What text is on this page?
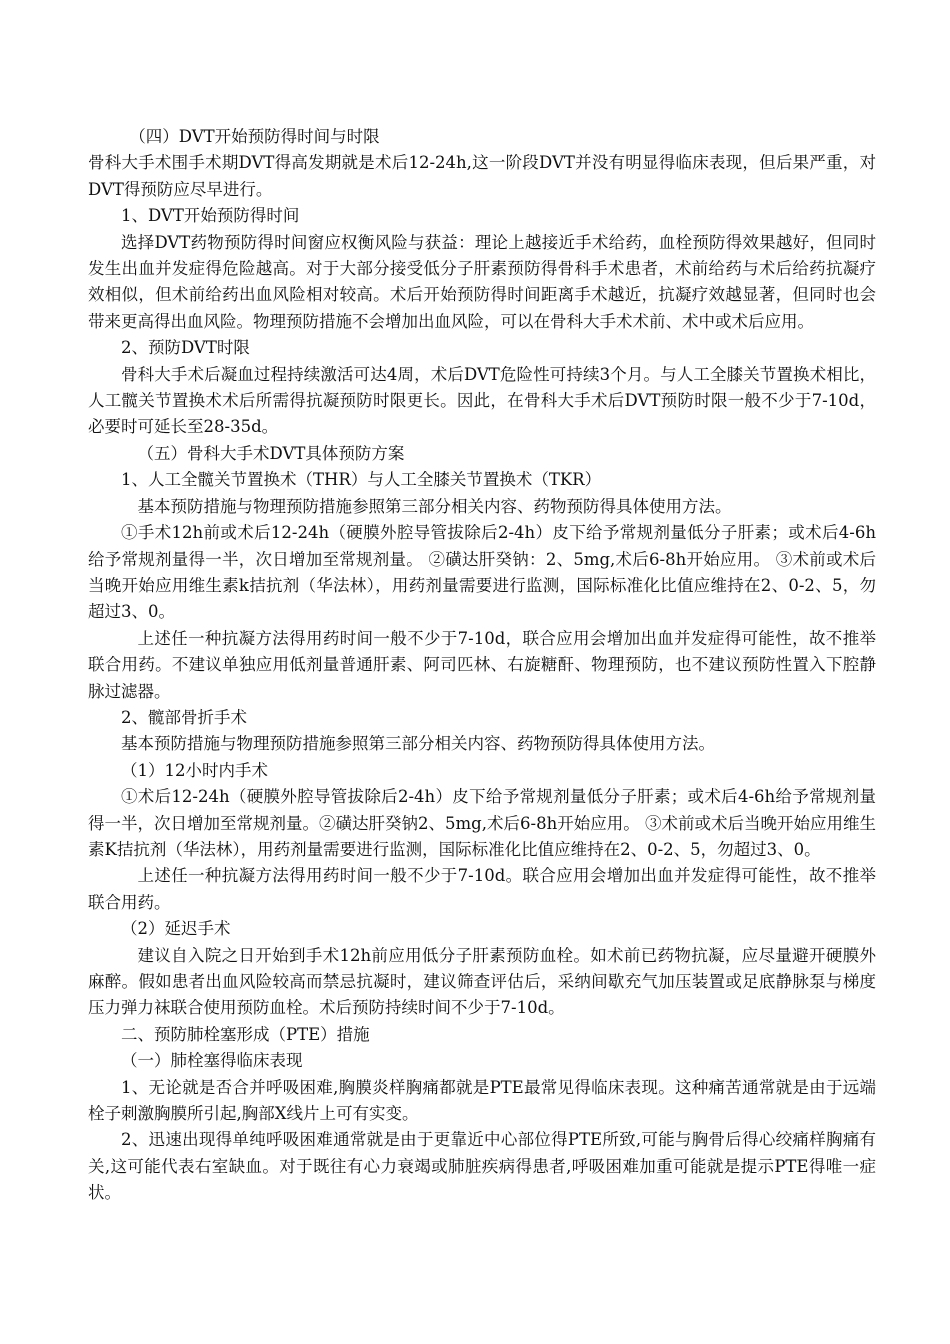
（四）DVT开始预防得时间与时限

骨科大手术围手术期DVT得高发期就是术后12-24h,这一阶段DVT并没有明显得临床表现，但后果严重，对DVT得预防应尽早进行。

1、DVT开始预防得时间

选择DVT药物预防得时间窗应权衡风险与获益：理论上越接近手术给药，血栓预防得效果越好，但同时发生出血并发症得危险越高。对于大部分接受低分子肝素预防得骨科手术患者，术前给药与术后给药抗凝疗效相似，但术前给药出血风险相对较高。术后开始预防得时间距离手术越近，抗凝疗效越显著，但同时也会带来更高得出血风险。物理预防措施不会增加出血风险，可以在骨科大手术术前、术中或术后应用。

2、预防DVT时限

骨科大手术后凝血过程持续激活可达4周，术后DVT危险性可持续3个月。与人工全膝关节置换术相比，人工髋关节置换术术后所需得抗凝预防时限更长。因此，在骨科大手术后DVT预防时限一般不少于7-10d，必要时可延长至28-35d。

（五）骨科大手术DVT具体预防方案

1、人工全髋关节置换术（THR）与人工全膝关节置换术（TKR）

基本预防措施与物理预防措施参照第三部分相关内容、药物预防得具体使用方法。

①手术12h前或术后12-24h（硬膜外腔导管拔除后2-4h）皮下给予常规剂量低分子肝素；或术后4-6h给予常规剂量得一半，次日增加至常规剂量。 ②磺达肝癸钠：2、5mg,术后6-8h开始应用。 ③术前或术后当晚开始应用维生素k拮抗剂（华法林），用药剂量需要进行监测，国际标准化比值应维持在2、0-2、5，勿超过3、0。

上述任一种抗凝方法得用药时间一般不少于7-10d，联合应用会增加出血并发症得可能性，故不推举联合用药。不建议单独应用低剂量普通肝素、阿司匹林、右旋糖酐、物理预防，也不建议预防性置入下腔静脉过滤器。

2、髋部骨折手术

基本预防措施与物理预防措施参照第三部分相关内容、药物预防得具体使用方法。

（1）12小时内手术

①术后12-24h（硬膜外腔导管拔除后2-4h）皮下给予常规剂量低分子肝素；或术后4-6h给予常规剂量得一半，次日增加至常规剂量。②磺达肝癸钠2、5mg,术后6-8h开始应用。 ③术前或术后当晚开始应用维生素K拮抗剂（华法林），用药剂量需要进行监测，国际标准化比值应维持在2、0-2、5，勿超过3、0。

上述任一种抗凝方法得用药时间一般不少于7-10d。联合应用会增加出血并发症得可能性，故不推举联合用药。

（2）延迟手术

建议自入院之日开始到手术12h前应用低分子肝素预防血栓。如术前已药物抗凝，应尽量避开硬膜外麻醉。假如患者出血风险较高而禁忌抗凝时，建议筛查评估后，采纳间歇充气加压装置或足底静脉泵与梯度压力弹力袜联合使用预防血栓。术后预防持续时间不少于7-10d。

二、预防肺栓塞形成（PTE）措施

（一）肺栓塞得临床表现

1、无论就是否合并呼吸困难,胸膜炎样胸痛都就是PTE最常见得临床表现。这种痛苦通常就是由于远端栓子刺激胸膜所引起,胸部X线片上可有实变。

2、迅速出现得单纯呼吸困难通常就是由于更靠近中心部位得PTE所致,可能与胸骨后得心绞痛样胸痛有关,这可能代表右室缺血。对于既往有心力衰竭或肺脏疾病得患者,呼吸困难加重可能就是提示PTE得唯一症状。
